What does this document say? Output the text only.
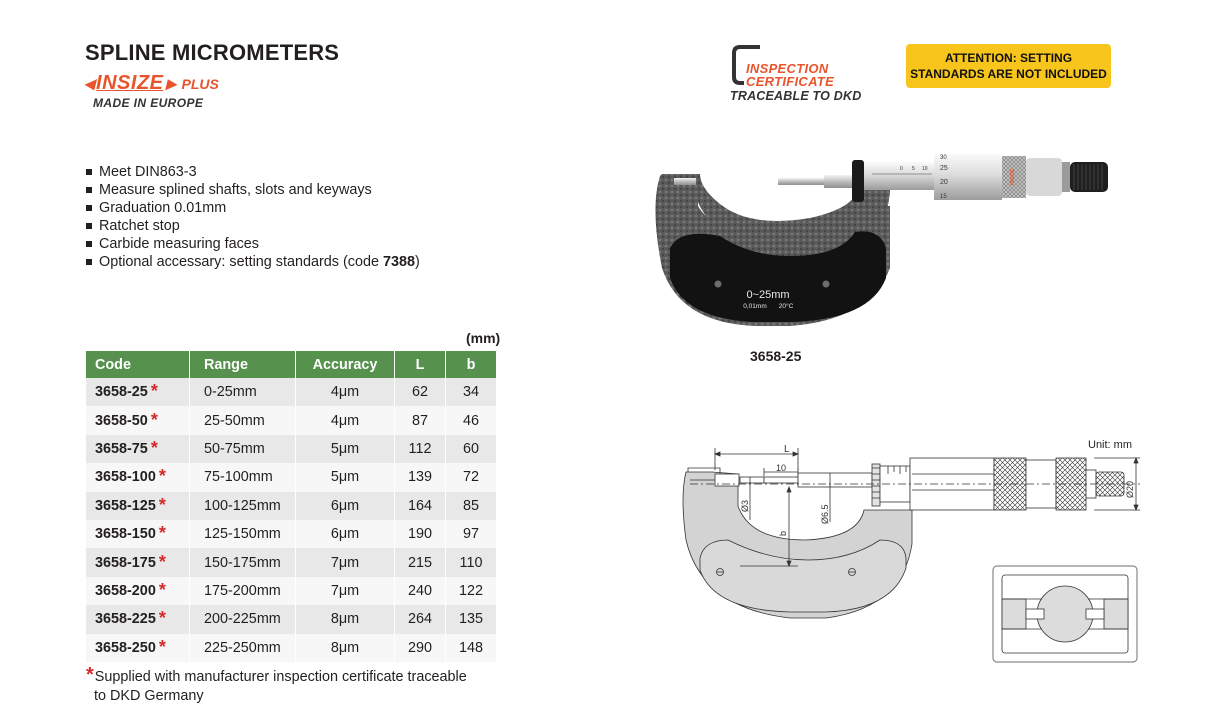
SPLINE MICROMETERS
◂ INSIZE ▸ PLUS
MADE IN EUROPE
INSPECTION
CERTIFICATE
TRACEABLE TO DKD
ATTENTION: SETTING
STANDARDS ARE NOT INCLUDED
Meet DIN863-3
Measure splined shafts, slots and keyways
Graduation 0.01mm
Ratchet stop
Carbide measuring faces
Optional accessary: setting standards (code 7388)
(mm)
Code	Range	Accuracy	L	b
3658-25 *	0-25mm	4μm	62	34
3658-50 *	25-50mm	4μm	87	46
3658-75 *	50-75mm	5μm	112	60
3658-100 *	75-100mm	5μm	139	72
3658-125 *	100-125mm	6μm	164	85
3658-150 *	125-150mm	6μm	190	97
3658-175 *	150-175mm	7μm	215	110
3658-200 *	175-200mm	7μm	240	122
3658-225 *	200-225mm	8μm	264	135
3658-250 *	225-250mm	8μm	290	148
*Supplied with manufacturer inspection certificate traceable
to DKD Germany
0~25mm
0,01mm 20°C
0 5 10
30
25
20
15
INSIZE
3658-25
Unit: mm
L
10
b
Ø3	Ø6.5
Ø20
